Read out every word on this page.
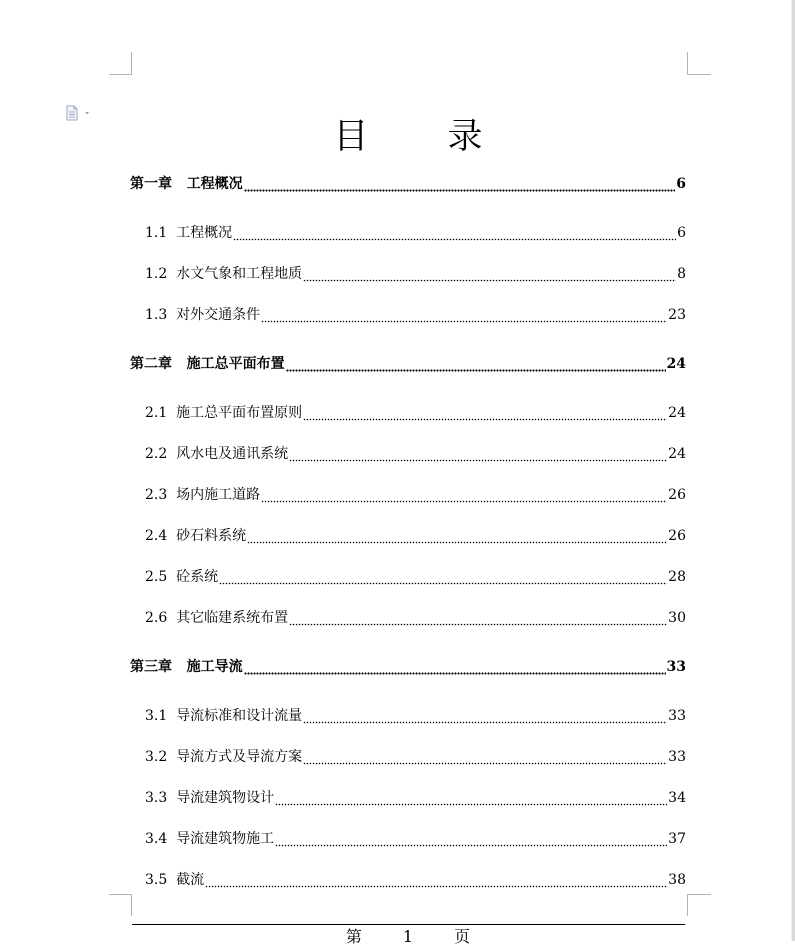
目 录
第一章 工程概况	6
1.1 工程概况	6
1.2 水文气象和工程地质	8
1.3 对外交通条件	23
第二章 施工总平面布置	24
2.1 施工总平面布置原则	24
2.2 风水电及通讯系统	24
2.3 场内施工道路	26
2.4 砂石料系统	26
2.5 砼系统	28
2.6 其它临建系统布置	30
第三章 施工导流	33
3.1 导流标准和设计流量	33
3.2 导流方式及导流方案	33
3.3 导流建筑物设计	34
3.4 导流建筑物施工	37
3.5 截流	38
第 1 页
